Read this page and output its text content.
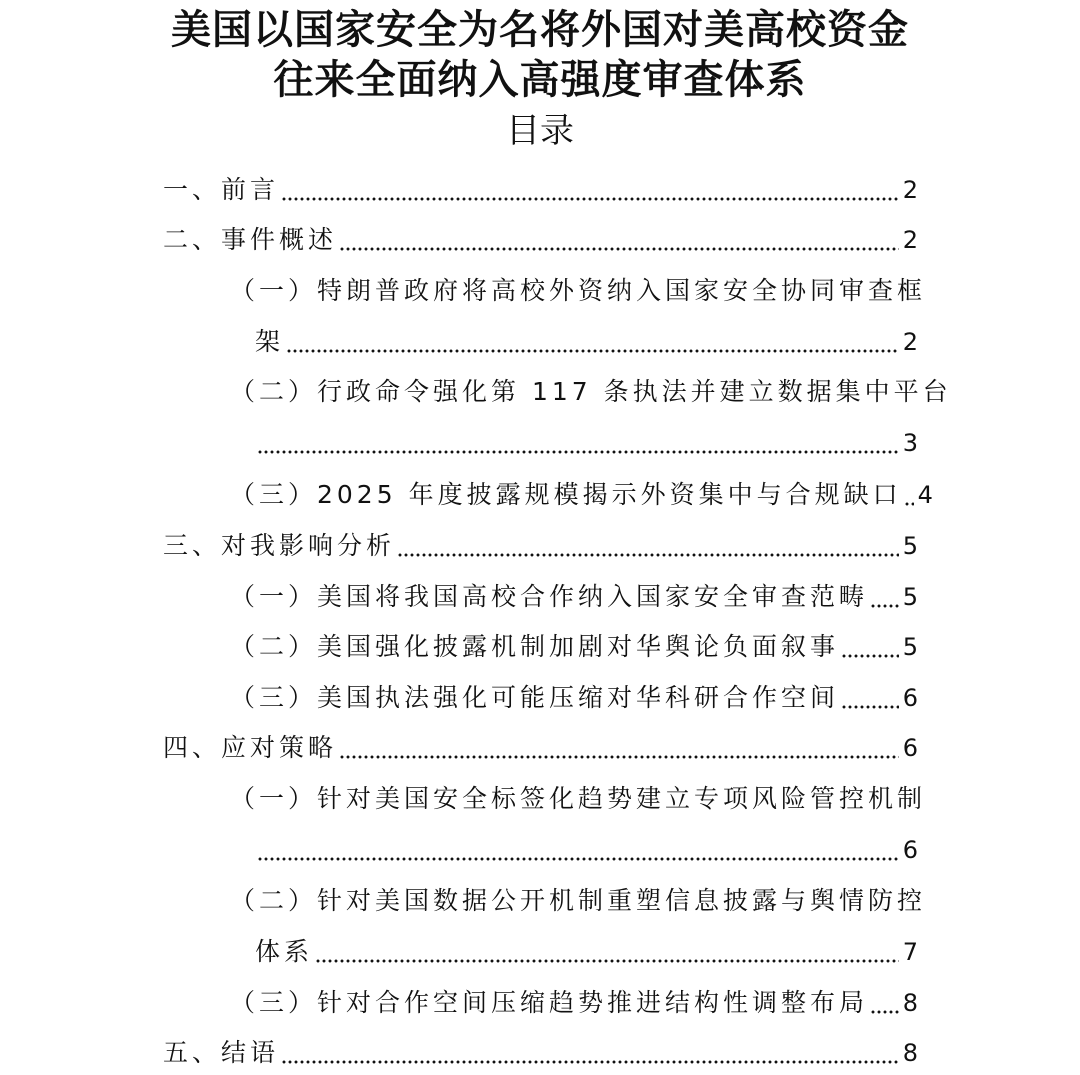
美国以国家安全为名将外国对美高校资金
往来全面纳入高强度审查体系
目录
一、前言	2
二、事件概述	2
（一）特朗普政府将高校外资纳入国家安全协同审查框
架	2
（二）行政命令强化第 117 条执法并建立数据集中平台
3
（三）2025 年度披露规模揭示外资集中与合规缺口 4
三、对我影响分析	5
（一）美国将我国高校合作纳入国家安全审查范畴 5
（二）美国强化披露机制加剧对华舆论负面叙事	5
（三）美国执法强化可能压缩对华科研合作空间	6
四、应对策略	6
（一）针对美国安全标签化趋势建立专项风险管控机制
6
（二）针对美国数据公开机制重塑信息披露与舆情防控
体系	7
（三）针对合作空间压缩趋势推进结构性调整布局 8
五、结语	8
